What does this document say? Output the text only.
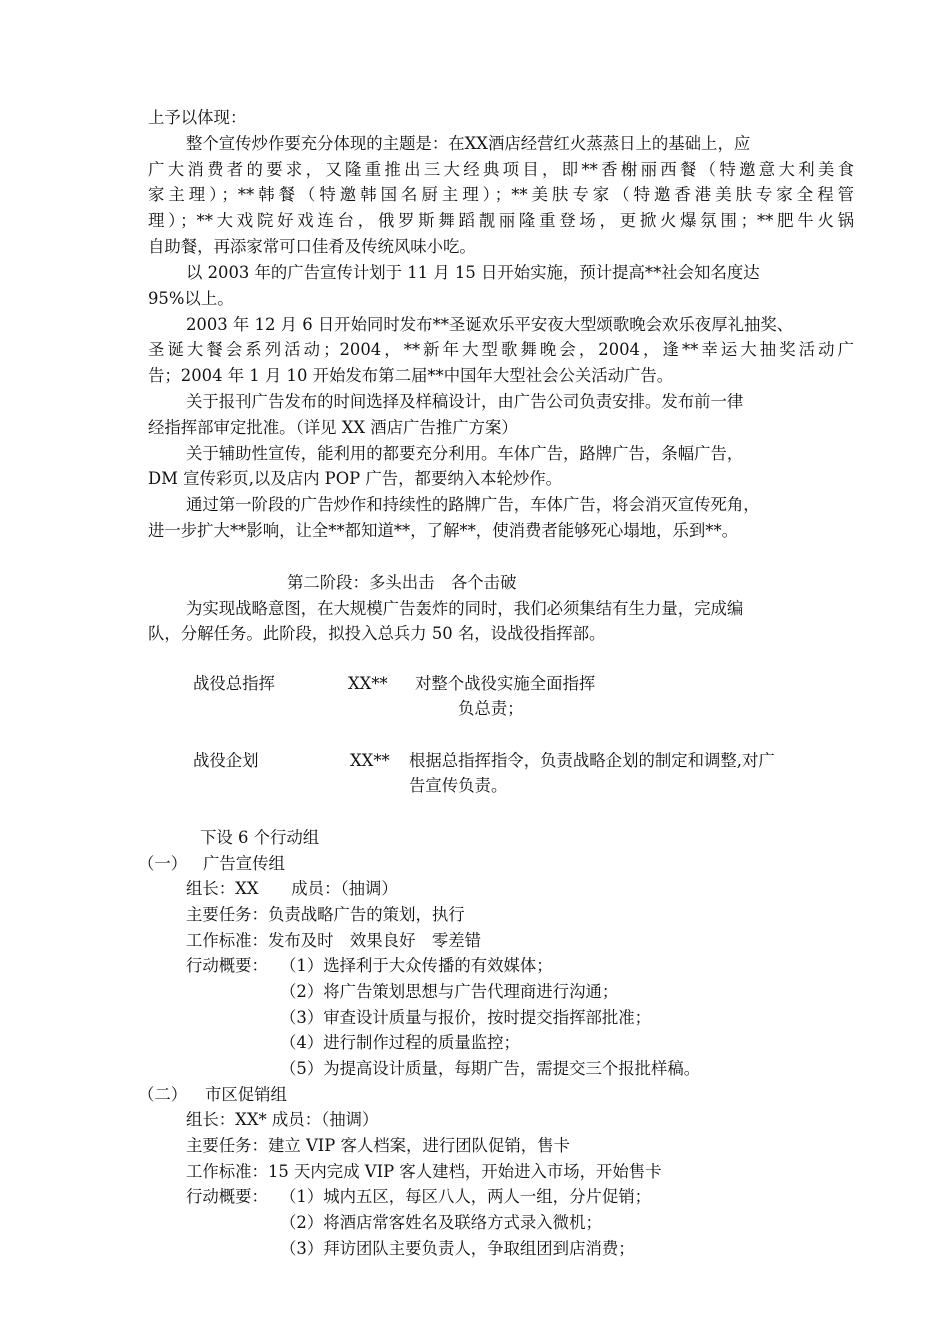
上予以体现：
整个宣传炒作要充分体现的主题是：在XX酒店经营红火蒸蒸日上的基础上，应
广大消费者的要求，又隆重推出三大经典项目，即**香榭丽西餐（特邀意大利美食
家主理）；**韩餐（特邀韩国名厨主理）；**美肤专家（特邀香港美肤专家全程管
理）；**大戏院好戏连台，俄罗斯舞蹈靓丽隆重登场，更掀火爆氛围；**肥牛火锅
自助餐，再添家常可口佳肴及传统风味小吃。
以 2003 年的广告宣传计划于 11 月 15 日开始实施，预计提高**社会知名度达
95%以上。
2003 年 12 月 6 日开始同时发布**圣诞欢乐平安夜大型颂歌晚会欢乐夜厚礼抽奖、
圣诞大餐会系列活动；2004，**新年大型歌舞晚会，2004，逢**幸运大抽奖活动广
告；2004 年 1 月 10 开始发布第二届**中国年大型社会公关活动广告。
关于报刊广告发布的时间选择及样稿设计，由广告公司负责安排。发布前一律
经指挥部审定批准。（详见 XX 酒店广告推广方案）
关于辅助性宣传，能利用的都要充分利用。车体广告，路牌广告，条幅广告，
DM 宣传彩页,以及店内 POP 广告，都要纳入本轮炒作。
通过第一阶段的广告炒作和持续性的路牌广告，车体广告，将会消灭宣传死角，
进一步扩大**影响，让全**都知道**，了解**，使消费者能够死心塌地，乐到**。
第二阶段：多头出击　各个击破
为实现战略意图，在大规模广告轰炸的同时，我们必须集结有生力量，完成编
队，分解任务。此阶段，拟投入总兵力 50 名，设战役指挥部。
战役总指挥	XX** 对整个战役实施全面指挥
负总责；
战役企划	XX** 根据总指挥指令，负责战略企划的制定和调整,对广
告宣传负责。
下设 6 个行动组
（一） 广告宣传组
组长：XX　　成员：（抽调）
主要任务：负责战略广告的策划，执行
工作标准：发布及时　效果良好　零差错
行动概要： （1）选择利于大众传播的有效媒体；
（2）将广告策划思想与广告代理商进行沟通；
（3）审查设计质量与报价，按时提交指挥部批准；
（4）进行制作过程的质量监控；
（5）为提高设计质量，每期广告，需提交三个报批样稿。
（二） 市区促销组
组长：XX* 成员：（抽调）
主要任务：建立 VIP 客人档案，进行团队促销，售卡
工作标准：15 天内完成 VIP 客人建档，开始进入市场，开始售卡
行动概要： （1）城内五区，每区八人，两人一组，分片促销；
（2）将酒店常客姓名及联络方式录入微机；
（3）拜访团队主要负责人，争取组团到店消费；
